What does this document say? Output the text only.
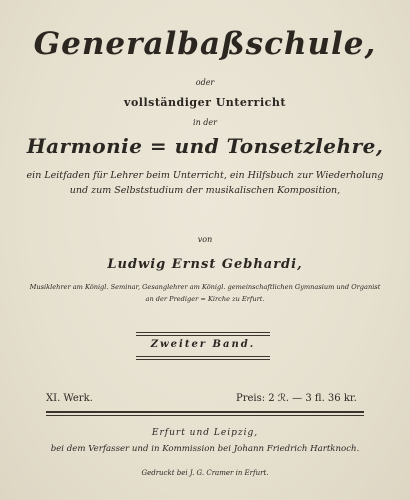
Generalbaßschule,
oder
vollständiger Unterricht
in der
Harmonie = und Tonsetzlehre,
ein Leitfaden für Lehrer beim Unterricht, ein Hilfsbuch zur Wiederholung
und zum Selbststudium der musikalischen Komposition,
von
Ludwig Ernst Gebhardi,
Musiklehrer am Königl. Seminar, Gesanglehrer am Königl. gemeinschaftlichen Gymnasium und Organist
an der Prediger = Kirche zu Erfurt.
Zweiter Band.
XI. Werk.	Preis: 2 ℛ. — 3 fl. 36 kr.
Erfurt und Leipzig,
bei dem Verfasser und in Kommission bei Johann Friedrich Hartknoch.
Gedruckt bei J. G. Cramer in Erfurt.
